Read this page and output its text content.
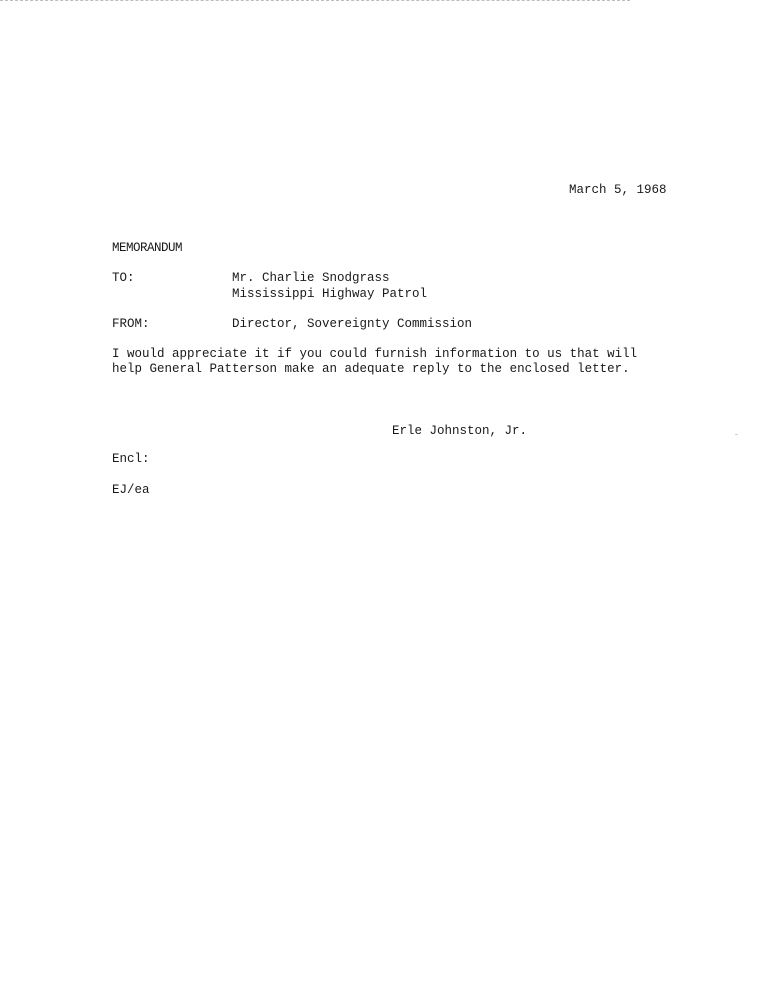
March 5, 1968
MEMORANDUM
TO:	Mr. Charlie Snodgrass
Mississippi Highway Patrol
FROM:	Director, Sovereignty Commission
I would appreciate it if you could furnish information to us that will
help General Patterson make an adequate reply to the enclosed letter.
Erle Johnston, Jr.
Encl:
EJ/ea
